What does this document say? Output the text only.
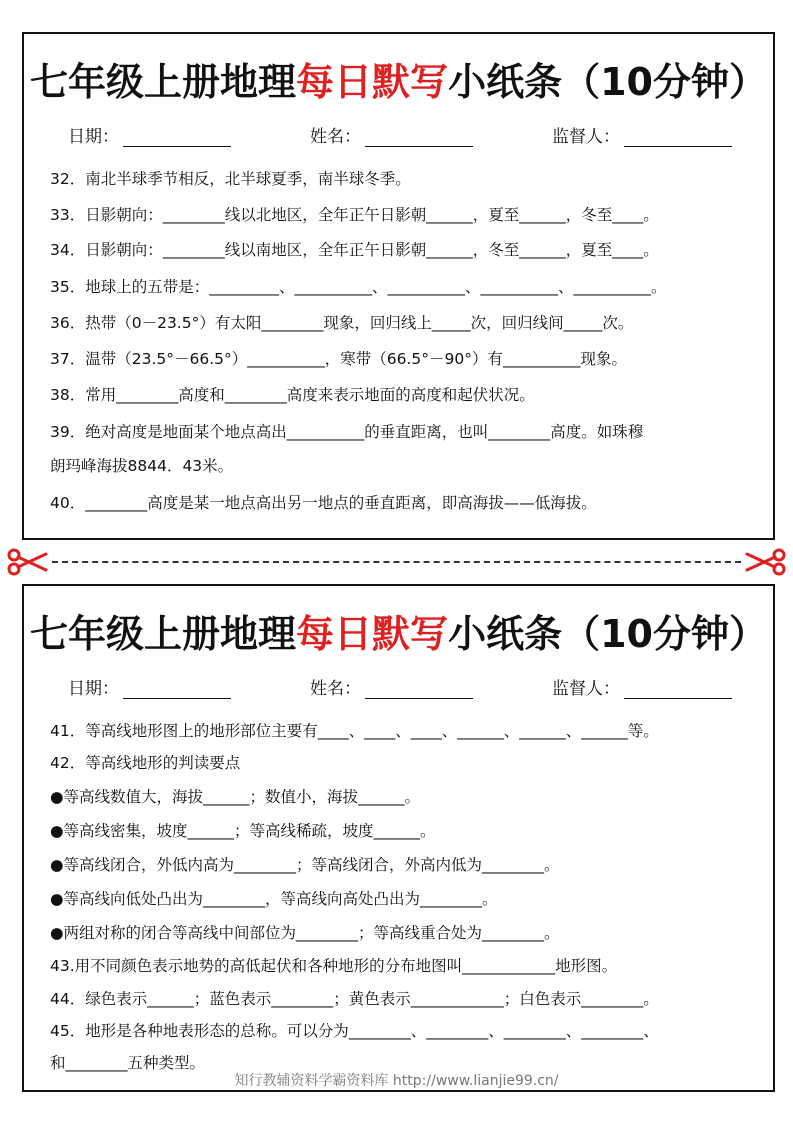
七年级上册地理每日默写小纸条（10分钟）
日期：	姓名：	监督人：
32．南北半球季节相反，北半球夏季，南半球冬季。
33．日影朝向：________线以北地区，全年正午日影朝______，夏至______，冬至____。
34．日影朝向：________线以南地区，全年正午日影朝______，冬至______，夏至____。
35．地球上的五带是：_________、__________、__________、__________、__________。
36．热带（0－23.5°）有太阳________现象，回归线上_____次，回归线间_____次。
37．温带（23.5°－66.5°）__________，寒带（66.5°－90°）有__________现象。
38．常用________高度和________高度来表示地面的高度和起伏状况。
39．绝对高度是地面某个地点高出__________的垂直距离，也叫________高度。如珠穆
朗玛峰海拔8844．43米。
40．________高度是某一地点高出另一地点的垂直距离，即高海拔——低海拔。
七年级上册地理每日默写小纸条（10分钟）
日期：	姓名：	监督人：
41．等高线地形图上的地形部位主要有____、____、____、______、______、______等。
42．等高线地形的判读要点
●等高线数值大，海拔______；数值小，海拔______。
●等高线密集，坡度______；等高线稀疏，坡度______。
●等高线闭合，外低内高为________；等高线闭合，外高内低为________。
●等高线向低处凸出为________，等高线向高处凸出为________。
●两组对称的闭合等高线中间部位为________；等高线重合处为________。
43.用不同颜色表示地势的高低起伏和各种地形的分布地图叫____________地形图。
44．绿色表示______；蓝色表示________；黄色表示____________；白色表示________。
45．地形是各种地表形态的总称。可以分为________、________、________、________、
和________五种类型。
知行教辅资料学霸资料库 http://www.lianjie99.cn/
